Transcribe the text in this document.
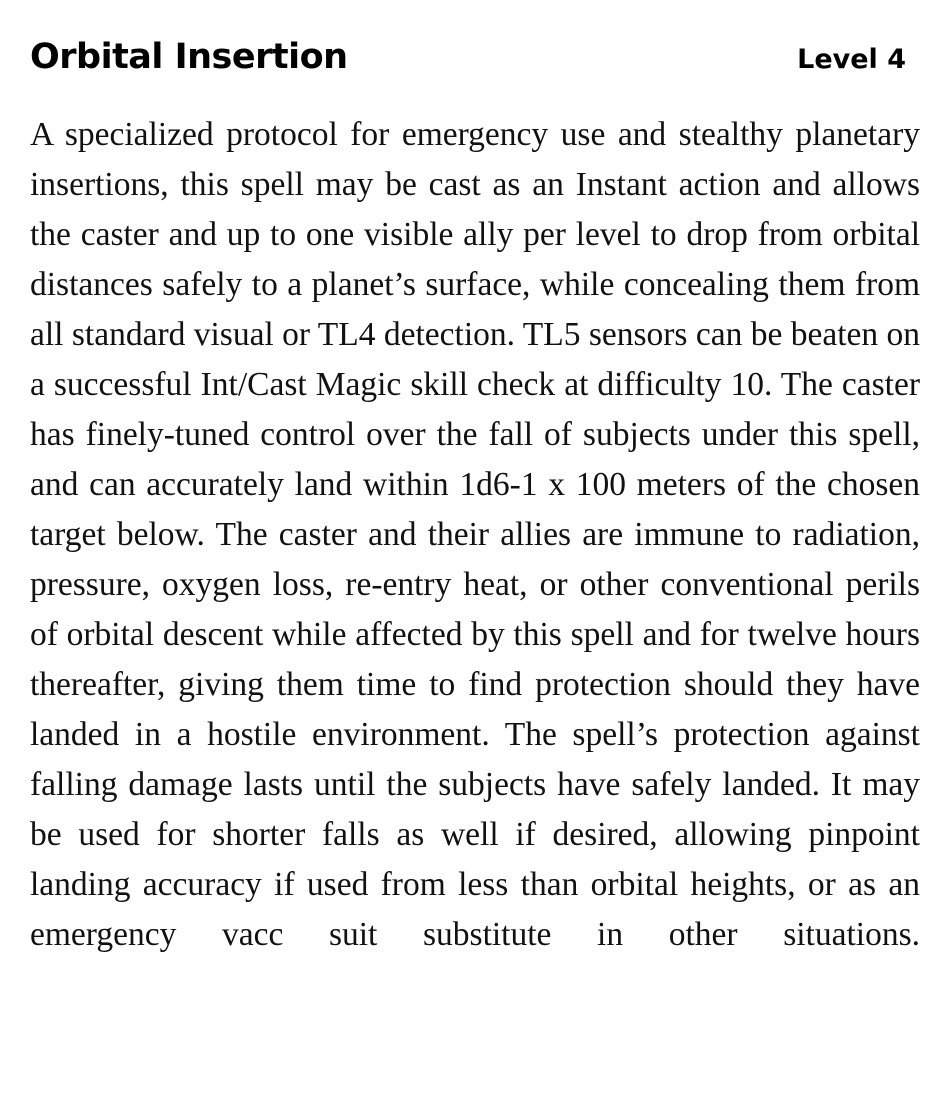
Orbital Insertion	Level 4

A specialized protocol for emergency use and stealthy planetary insertions, this spell may be cast as an Instant action and allows the caster and up to one visible ally per level to drop from orbital distances safely to a planet’s surface, while concealing them from all standard visual or TL4 detection. TL5 sensors can be beaten on a successful Int/Cast Magic skill check at difficulty 10. The caster has finely-tuned control over the fall of subjects under this spell, and can accurately land within 1d6-1 x 100 meters of the chosen target below. The caster and their allies are immune to radiation, pressure, oxygen loss, re-entry heat, or other conventional perils of orbital descent while affected by this spell and for twelve hours thereafter, giving them time to find protection should they have landed in a hostile environment. The spell’s protection against falling damage lasts until the subjects have safely landed. It may be used for shorter falls as well if desired, allowing pinpoint landing accuracy if used from less than orbital heights, or as an emergency vacc suit substitute in other situations.
